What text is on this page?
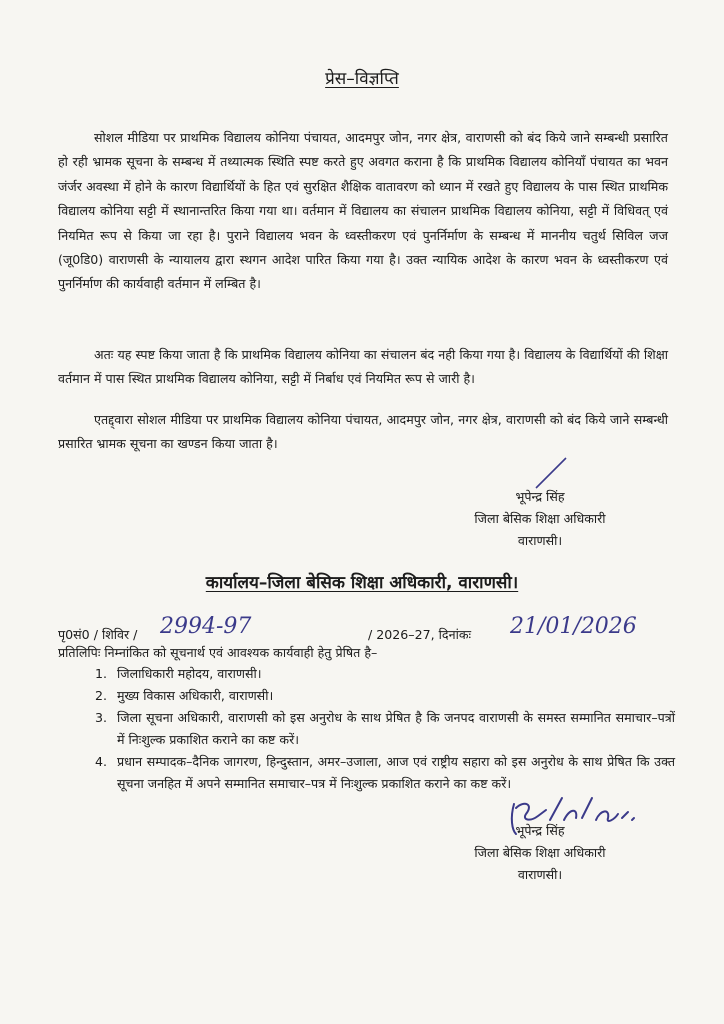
प्रेस–विज्ञप्ति
सोशल मीडिया पर प्राथमिक विद्यालय कोनिया पंचायत, आदमपुर जोन, नगर क्षेत्र, वाराणसी को बंद किये जाने सम्बन्धी प्रसारित हो रही भ्रामक सूचना के सम्बन्ध में तथ्यात्मक स्थिति स्पष्ट करते हुए अवगत कराना है कि प्राथमिक विद्यालय कोनियाँ पंचायत का भवन जंर्जर अवस्था में होने के कारण विद्यार्थियों के हित एवं सुरक्षित शैक्षिक वातावरण को ध्यान में रखते हुए विद्यालय के पास स्थित प्राथमिक विद्यालय कोनिया सट्टी में स्थानान्तरित किया गया था। वर्तमान में विद्यालय का संचालन प्राथमिक विद्यालय कोनिया, सट्टी में विधिवत् एवं नियमित रूप से किया जा रहा है। पुराने विद्यालय भवन के ध्वस्तीकरण एवं पुनर्निर्माण के सम्बन्ध में माननीय चतुर्थ सिविल जज (जू0डि0) वाराणसी के न्यायालय द्वारा स्थगन आदेश पारित किया गया है। उक्त न्यायिक आदेश के कारण भवन के ध्वस्तीकरण एवं पुनर्निर्माण की कार्यवाही वर्तमान में लम्बित है।
अतः यह स्पष्ट किया जाता है कि प्राथमिक विद्यालय कोनिया का संचालन बंद नही किया गया है। विद्यालय के विद्यार्थियों की शिक्षा वर्तमान में पास स्थित प्राथमिक विद्यालय कोनिया, सट्टी में निर्बाध एवं नियमित रूप से जारी है।
एतद्द्वारा सोशल मीडिया पर प्राथमिक विद्यालय कोनिया पंचायत, आदमपुर जोन, नगर क्षेत्र, वाराणसी को बंद किये जाने सम्बन्धी प्रसारित भ्रामक सूचना का खण्डन किया जाता है।
भूपेन्द्र सिंह
जिला बेसिक शिक्षा अधिकारी
वाराणसी।
कार्यालय–जिला बेसिक शिक्षा अधिकारी, वाराणसी।
पृ0सं0 / शिविर / 2994-97	/ 2026–27, दिनांकः 21/01/2026
प्रतिलिपिः निम्नांकित को सूचनार्थ एवं आवश्यक कार्यवाही हेतु प्रेषित है–
1. जिलाधिकारी महोदय, वाराणसी।
2. मुख्य विकास अधिकारी, वाराणसी।
3. जिला सूचना अधिकारी, वाराणसी को इस अनुरोध के साथ प्रेषित है कि जनपद वाराणसी के समस्त सम्मानित समाचार–पत्रों में निःशुल्क प्रकाशित कराने का कष्ट करें।
4. प्रधान सम्पादक–दैनिक जागरण, हिन्दुस्तान, अमर–उजाला, आज एवं राष्ट्रीय सहारा को इस अनुरोध के साथ प्रेषित कि उक्त सूचना जनहित में अपने सम्मानित समाचार–पत्र में निःशुल्क प्रकाशित कराने का कष्ट करें।
भूपेन्द्र सिंह
जिला बेसिक शिक्षा अधिकारी
वाराणसी।
